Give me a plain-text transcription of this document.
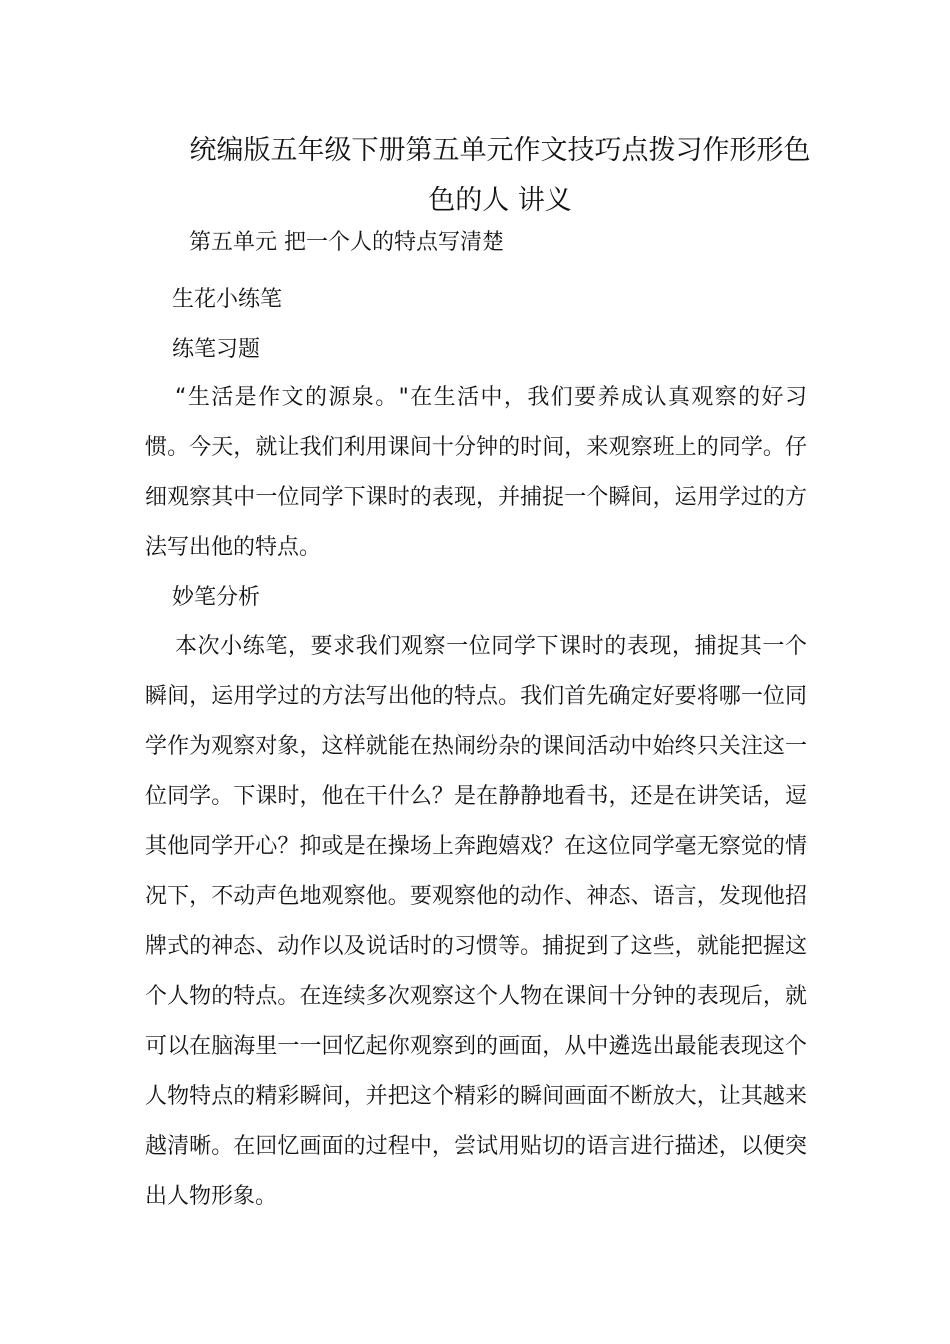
统编版五年级下册第五单元作文技巧点拨习作形形色色的人 讲义

第五单元 把一个人的特点写清楚

生花小练笔

练笔习题

“生活是作文的源泉。"在生活中，我们要养成认真观察的好习惯。今天，就让我们利用课间十分钟的时间，来观察班上的同学。仔细观察其中一位同学下课时的表现，并捕捉一个瞬间，运用学过的方法写出他的特点。

妙笔分析

本次小练笔，要求我们观察一位同学下课时的表现，捕捉其一个瞬间，运用学过的方法写出他的特点。我们首先确定好要将哪一位同学作为观察对象，这样就能在热闹纷杂的课间活动中始终只关注这一位同学。下课时，他在干什么？是在静静地看书，还是在讲笑话，逗其他同学开心？抑或是在操场上奔跑嬉戏？在这位同学毫无察觉的情况下，不动声色地观察他。要观察他的动作、神态、语言，发现他招牌式的神态、动作以及说话时的习惯等。捕捉到了这些，就能把握这个人物的特点。在连续多次观察这个人物在课间十分钟的表现后，就可以在脑海里一一回忆起你观察到的画面，从中遴选出最能表现这个人物特点的精彩瞬间，并把这个精彩的瞬间画面不断放大，让其越来越清晰。在回忆画面的过程中，尝试用贴切的语言进行描述，以便突出人物形象。
